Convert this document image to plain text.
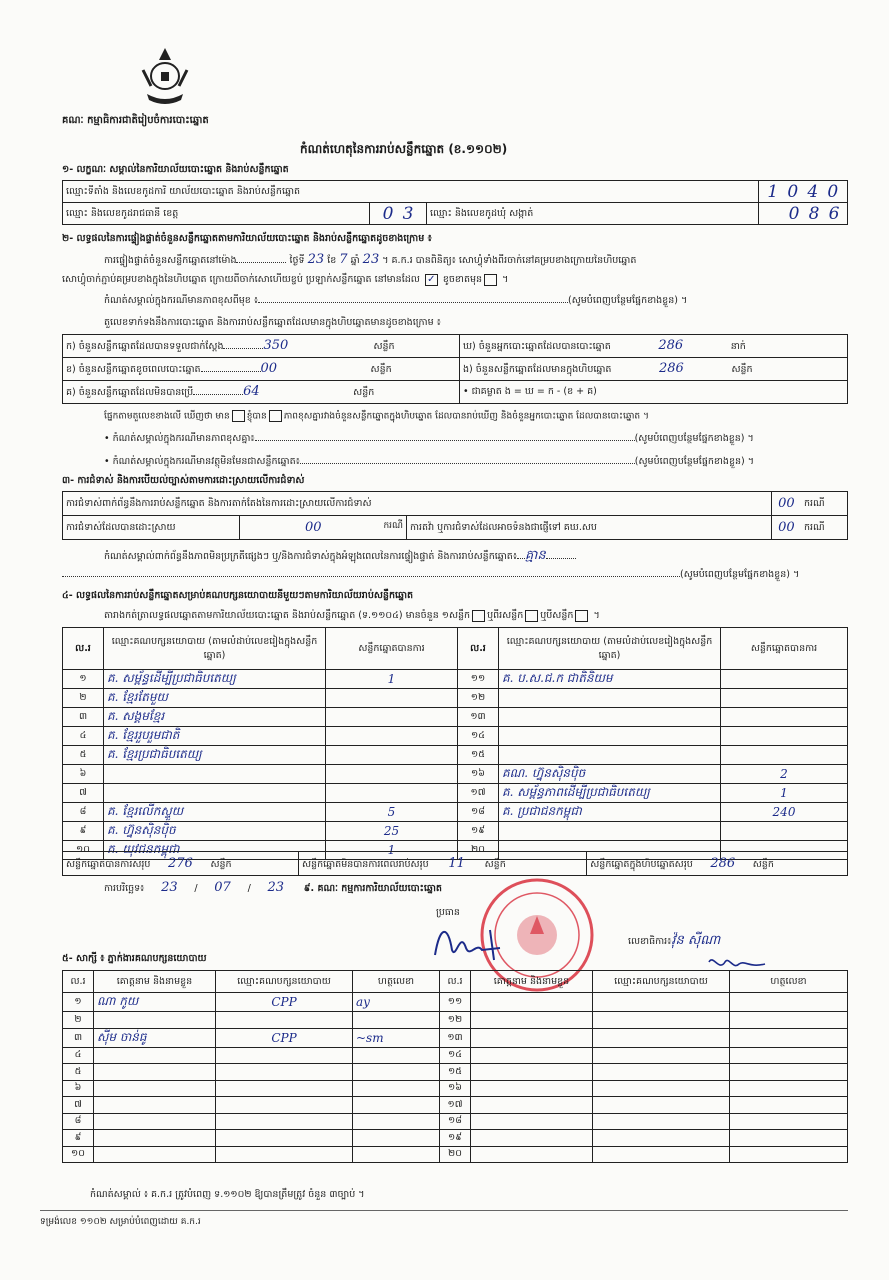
គណៈ កម្មាធិការជាតិរៀបចំការបោះឆ្នោត
កំណត់ហេតុនៃការរាប់សន្លឹកឆ្នោត (ខ.១១០២)
១- លក្ខណៈ សម្គាល់នៃការិយាល័យបោះឆ្នោត និងរាប់សន្លឹកឆ្នោត
ឈ្មោះទីតាំង និងលេខកូដការិ យាល័យបោះឆ្នោត និងរាប់សន្លឹកឆ្នោត			1 0 4 0
ឈ្មោះ និងលេខកូដរាជធានី ខេត្ត	0 3	ឈ្មោះ និងលេខកូដឃុំ សង្កាត់	0 8 6
២- លទ្ធផលនៃការផ្ទៀងផ្ទាត់ចំនួនសន្លឹកឆ្នោតតាមការិយាល័យបោះឆ្នោត និងរាប់សន្លឹកឆ្នោតដូចខាងក្រោម ៖
ការផ្ទៀងផ្ទាត់ចំនួនសន្លឹកឆ្នោតនៅម៉ោង	ថ្ងៃទី 23 ខែ 7 ឆ្នាំ 23 ។ គ.ក.រ បានពិនិត្យ៖ សោហ្វុំទាំងពីរចាក់នៅគម្របខាងក្រោយនៃហិបឆ្នោត
សោហ្វុំចាក់ភ្ជាប់គម្របខាងក្នុងនៃហិបឆ្នោត ក្រោយពីចាក់សោហើយខ្ចប់ ប្រឡាក់សន្លឹកឆ្នោត នៅមានដែល ✓ ខូចខាតមុន ។
កំណត់សម្គាល់ក្នុងករណីមានភាពខុសពីមុខ ៖	(សូមបំពេញបន្ថែមផ្នែកខាងខ្លួន) ។
តួលេខទាក់ទងនឹងការបោះឆ្នោត និងការរាប់សន្លឹកឆ្នោតដែលមានក្នុងហិបឆ្នោតមានដូចខាងក្រោម ៖
ក) ចំនួនសន្លឹកឆ្នោតដែលបានទទួលជាក់ស្តែង 350 សន្លឹក	ឃ) ចំនួនអ្នកបោះឆ្នោតដែលបានបោះឆ្នោត 286 នាក់
ខ) ចំនួនសន្លឹកឆ្នោតខូចពេលបោះឆ្នោត 00 សន្លឹក	ង) ចំនួនសន្លឹកឆ្នោតដែលមានក្នុងហិបឆ្នោត 286 សន្លឹក
គ) ចំនួនសន្លឹកឆ្នោតដែលមិនបានប្រើ 64 សន្លឹក	• ជាគម្លាត ង = ឃ = ក - (ខ + គ)
ផ្នែកតាមតួលេខខាងលើ ឃើញថា មាន ខ្ញុំបាន ភាពខុសគ្នារវាងចំនួនសន្លឹកឆ្នោតក្នុងហិបឆ្នោត ដែលបានរាប់ឃើញ និងចំនួនអ្នកបោះឆ្នោត ដែលបានបោះឆ្នោត ។
• កំណត់សម្គាល់ក្នុងករណីមានភាពខុសគ្នា៖	(សូមបំពេញបន្ថែមផ្នែកខាងខ្លួន) ។
• កំណត់សម្គាល់ក្នុងករណីមានវត្ថុមិនមែនជាសន្លឹកឆ្នោត៖	(សូមបំពេញបន្ថែមផ្នែកខាងខ្លួន) ។
៣- ការជំទាស់ និងការបើយល់ច្បាស់តាមការដោះស្រាយលើការជំទាស់
ការជំទាស់ពាក់ព័ន្ធនឹងការរាប់សន្លឹកឆ្នោត និងការតាក់តែងនៃការដោះស្រាយលើការជំទាស់			00	ករណី
ការជំទាស់ដែលបានដោះស្រាយ	00 ករណី	ការតវ៉ា ឬការជំទាស់ដែលអាចទំនងជាផ្ញើទៅ គឃ.សប	00	ករណី
កំណត់សម្គាល់ពាក់ព័ន្ធនឹងភាពមិនប្រក្រតីផ្សេងៗ ឬ/និងការជំទាស់ក្នុងអំឡុងពេលនៃការផ្ទៀងផ្ទាត់ និងការរាប់សន្លឹកឆ្នោត៖ គ្មាន
(សូមបំពេញបន្ថែមផ្នែកខាងខ្លួន) ។
៤- លទ្ធផលនៃការរាប់សន្លឹកឆ្នោតសម្រាប់គណបក្សនយោបាយនីមួយៗតាមការិយាល័យរាប់សន្លឹកឆ្នោត
តារាងកត់ត្រាលទ្ធផលឆ្នោតតាមការិយាល័យបោះឆ្នោត និងរាប់សន្លឹកឆ្នោត (ទ.១១០៤) មានចំនួន ១សន្លឹក ឬពីរសន្លឹក ឬបីសន្លឹក ។
ល.រ	ឈ្មោះគណបក្សនយោបាយ (តាមលំដាប់លេខរៀងក្នុងសន្លឹកឆ្នោត)	សន្លឹកឆ្នោតបានការ	ល.រ	ឈ្មោះគណបក្សនយោបាយ (តាមលំដាប់លេខរៀងក្នុងសន្លឹកឆ្នោត)	សន្លឹកឆ្នោតបានការ
១	គ. សម្ព័ន្ធដើម្បីប្រជាធិបតេយ្យ	1	១១	គ. ប.ស.ជ.ក ជាតិនិយម	
២	គ. ខ្មែរតែមួយ		១២		
៣	គ. សង្គមខ្មែរ		១៣		
៤	គ. ខ្មែររួបរួមជាតិ		១៤		
៥	គ. ខ្មែរប្រជាធិបតេយ្យ		១៥		
៦			១៦	គណ. ហ្វ៊ុនស៊ិនប៉ិច	2
៧			១៧	គ. សម្ព័ន្ធភាពដើម្បីប្រជាធិបតេយ្យ	1
៨	គ. ខ្មែរលើកស្ទួយ	5	១៨	គ. ប្រជាជនកម្ពុជា	240
៩	គ. ហ្វ៊ុនស៊ិនប៉ិច	25	១៩		
១០	គ. យុវជនកម្ពុជា	1	២០		
សន្លឹកឆ្នោតបានការសរុប 276 សន្លឹក	សន្លឹកឆ្នោតមិនបានការពេលរាប់សរុប 11 សន្លឹក	សន្លឹកឆ្នោតក្នុងហិបឆ្នោតសរុប 286 សន្លឹក
ការបរិច្ឆេទ៖ 23 / 07 / 23 ៩. គណៈ កម្មការការិយាល័យបោះឆ្នោត
ប្រធាន
លេខាធិការ៖វ៉ុន ស៊ីណា
៥- សាក្សី ៖ ភ្នាក់ងារគណបក្សនយោបាយ
ល.រ	គោត្តនាម និងនាមខ្លួន	ឈ្មោះគណបក្សនយោបាយ	ហត្ថលេខា	ល.រ	គោត្តនាម និងនាមខ្លួន	ឈ្មោះគណបក្សនយោបាយ	ហត្ថលេខា
១	ណា កូយ	CPP	ay	១១			
២				១២			
៣	ស៊ីម ចាន់ធូ	CPP	~sm	១៣			
៤				១៤			
៥				១៥			
៦				១៦			
៧				១៧			
៨				១៨			
៩				១៩			
១០				២០			
កំណត់សម្គាល់ ៖ គ.ក.រ ត្រូវបំពេញ ទ.១១០២ ឱ្យបានត្រឹមត្រូវ ចំនួន ៣ច្បាប់ ។
ទម្រង់លេខ ១១០២ សម្រាប់បំពេញដោយ គ.ក.រ
